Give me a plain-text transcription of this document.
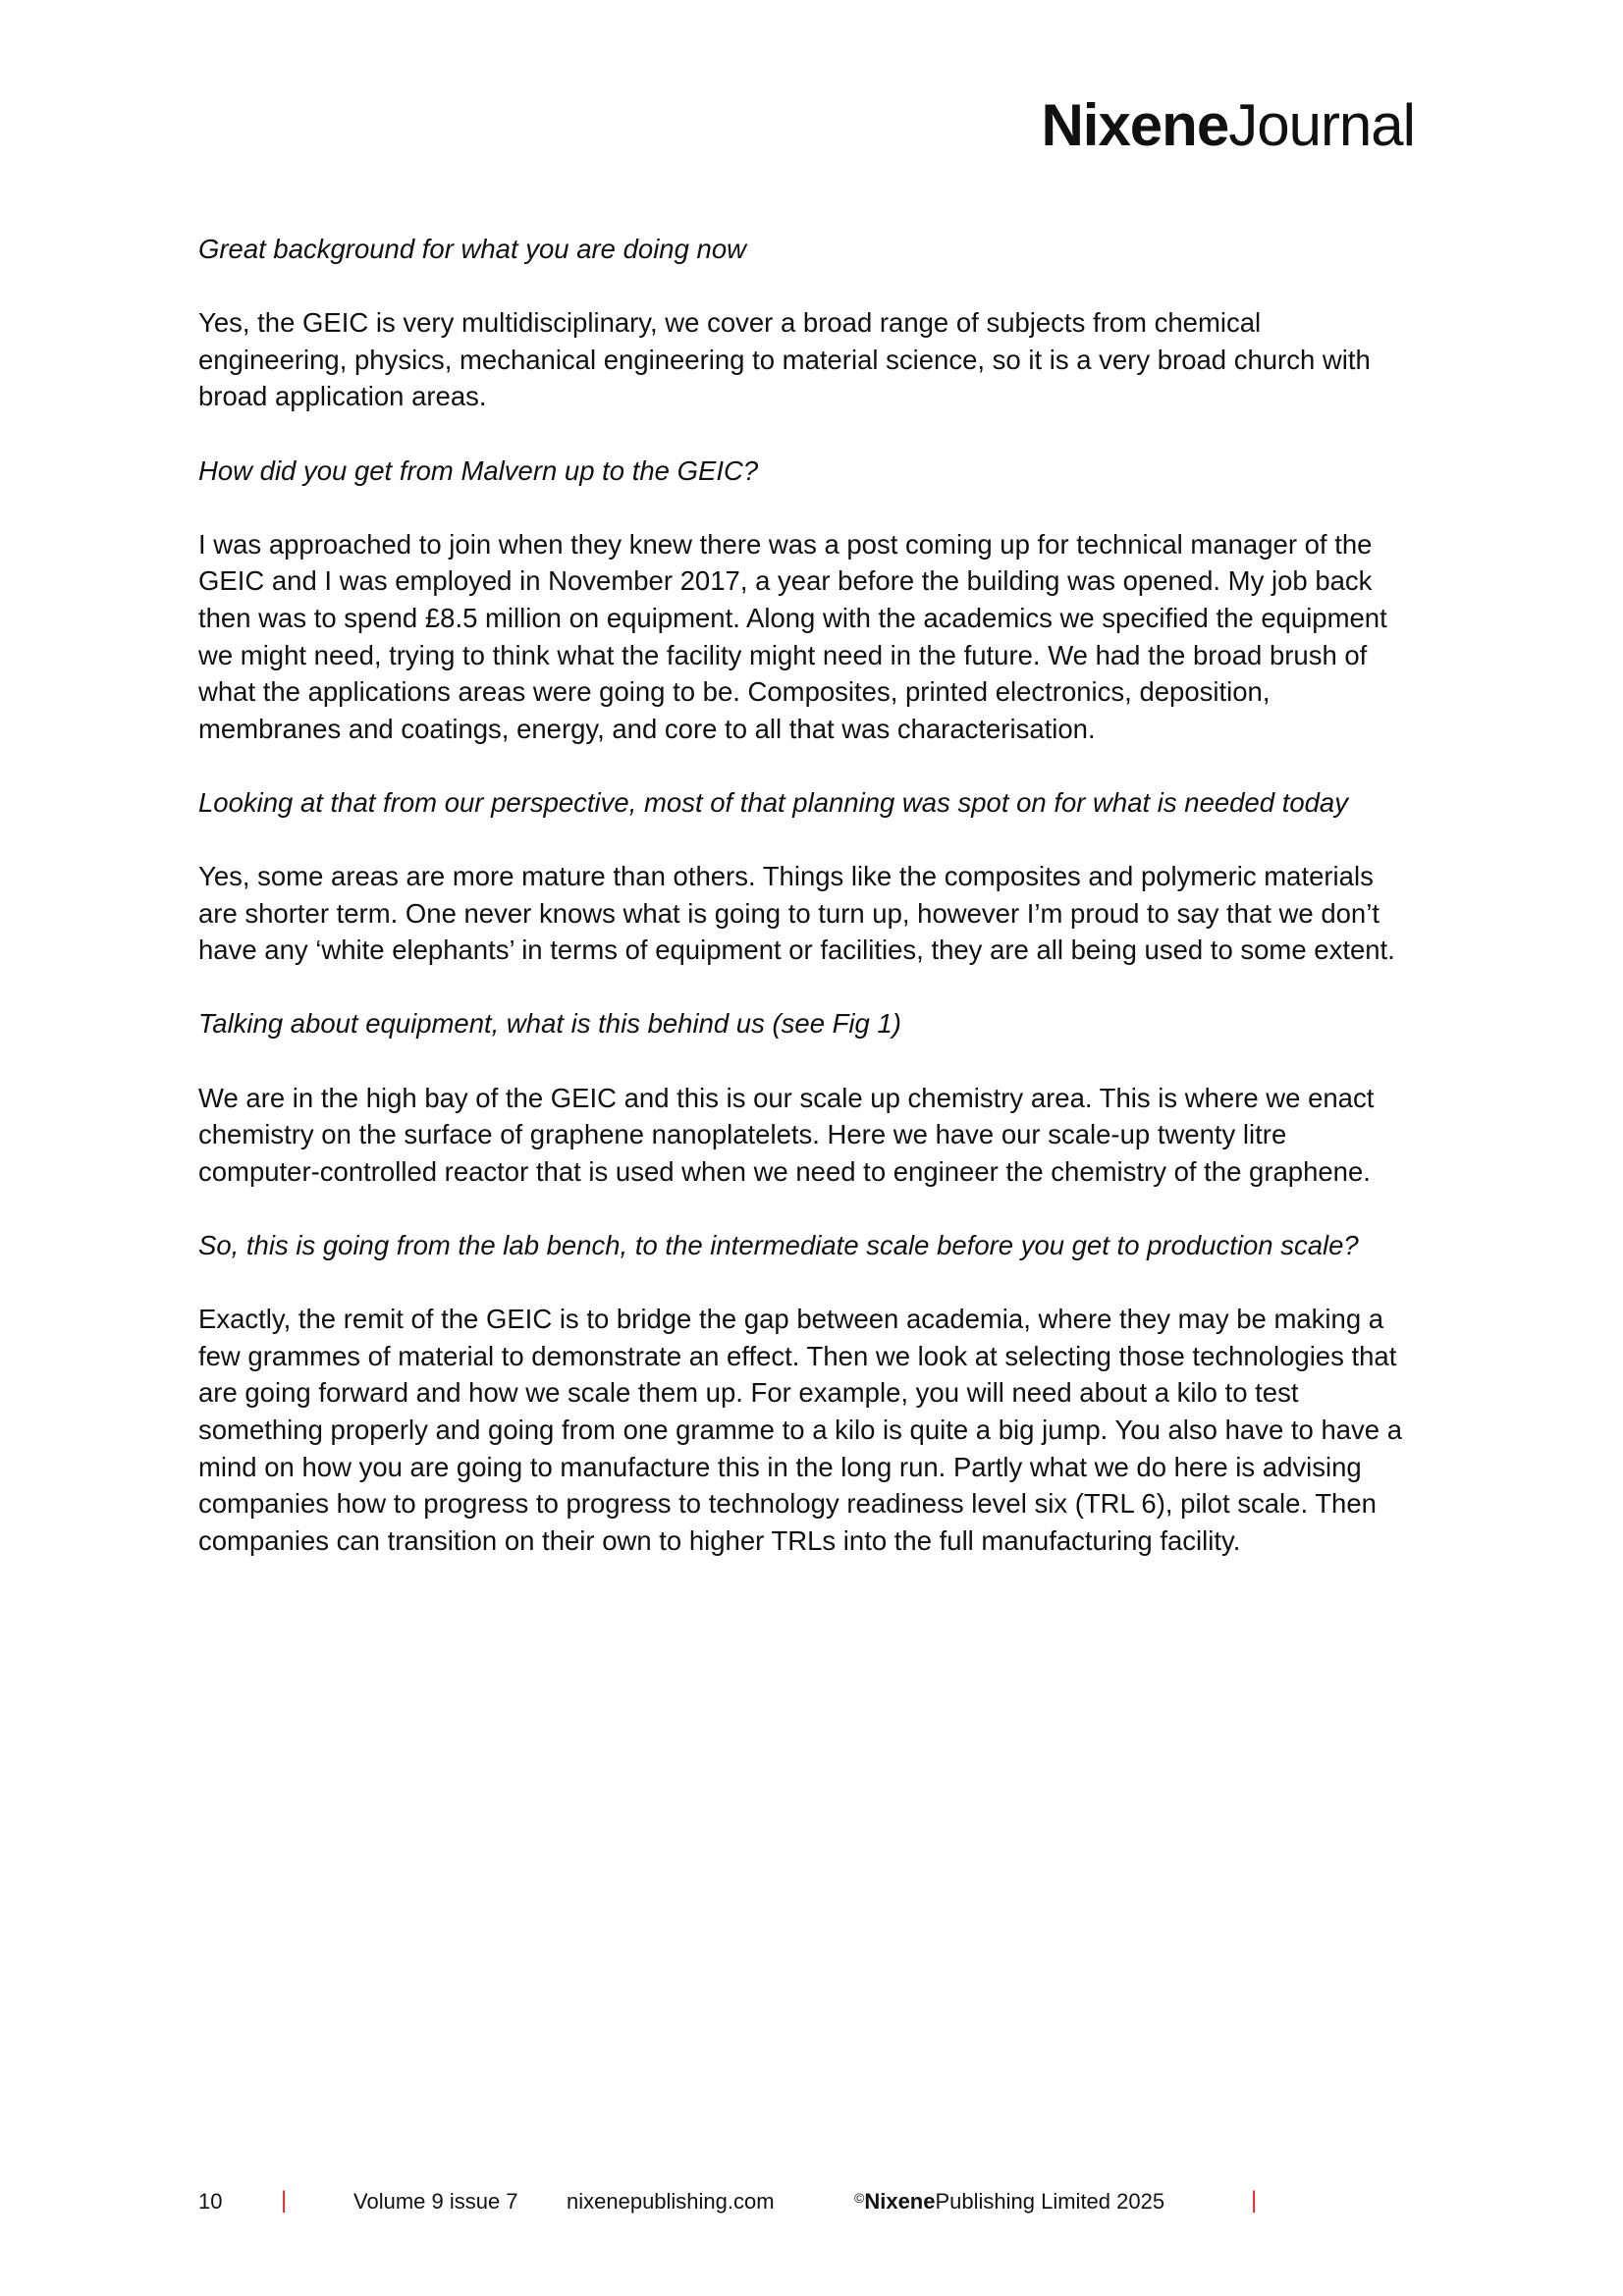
NixeneJournal

Great background for what you are doing now

Yes, the GEIC is very multidisciplinary, we cover a broad range of subjects from chemical engineering, physics, mechanical engineering to material science, so it is a very broad church with broad application areas.

How did you get from Malvern up to the GEIC?

I was approached to join when they knew there was a post coming up for technical manager of the GEIC and I was employed in November 2017, a year before the building was opened. My job back then was to spend £8.5 million on equipment. Along with the academics we specified the equipment we might need, trying to think what the facility might need in the future. We had the broad brush of what the applications areas were going to be. Composites, printed electronics, deposition, membranes and coatings, energy, and core to all that was characterisation.

Looking at that from our perspective, most of that planning was spot on for what is needed today

Yes, some areas are more mature than others. Things like the composites and polymeric materials are shorter term. One never knows what is going to turn up, however I’m proud to say that we don’t have any ‘white elephants’ in terms of equipment or facilities, they are all being used to some extent.

Talking about equipment, what is this behind us (see Fig 1)

We are in the high bay of the GEIC and this is our scale up chemistry area. This is where we enact chemistry on the surface of graphene nanoplatelets. Here we have our scale-up twenty litre computer-controlled reactor that is used when we need to engineer the chemistry of the graphene.

So, this is going from the lab bench, to the intermediate scale before you get to production scale?

Exactly, the remit of the GEIC is to bridge the gap between academia, where they may be making a few grammes of material to demonstrate an effect. Then we look at selecting those technologies that are going forward and how we scale them up. For example, you will need about a kilo to test something properly and going from one gramme to a kilo is quite a big jump. You also have to have a mind on how you are going to manufacture this in the long run. Partly what we do here is advising companies how to progress to progress to technology readiness level six (TRL 6), pilot scale. Then companies can transition on their own to higher TRLs into the full manufacturing facility.

10 |	Volume 9 issue 7 nixenepublishing.com	©NixenePublishing Limited 2025	|
